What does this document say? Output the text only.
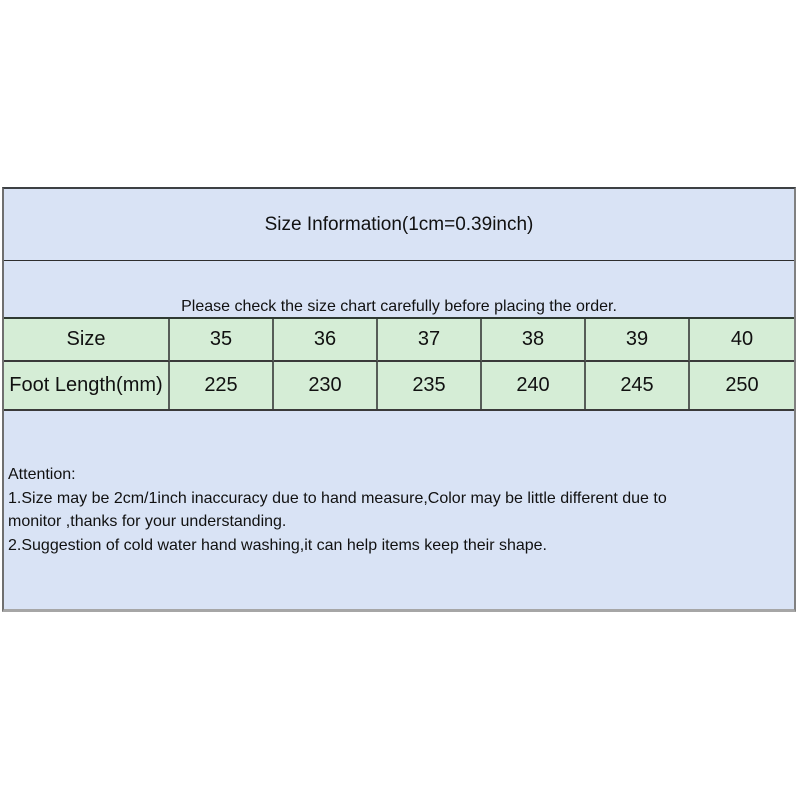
Size Information(1cm=0.39inch)
Please check the size chart carefully before placing the order.
Size	35	36	37	38	39	40
Foot Length(mm)	225	230	235	240	245	250
Attention:
1.Size may be 2cm/1inch inaccuracy due to hand measure,Color may be little different due to
monitor ,thanks for your understanding.
2.Suggestion of cold water hand washing,it can help items keep their shape.
